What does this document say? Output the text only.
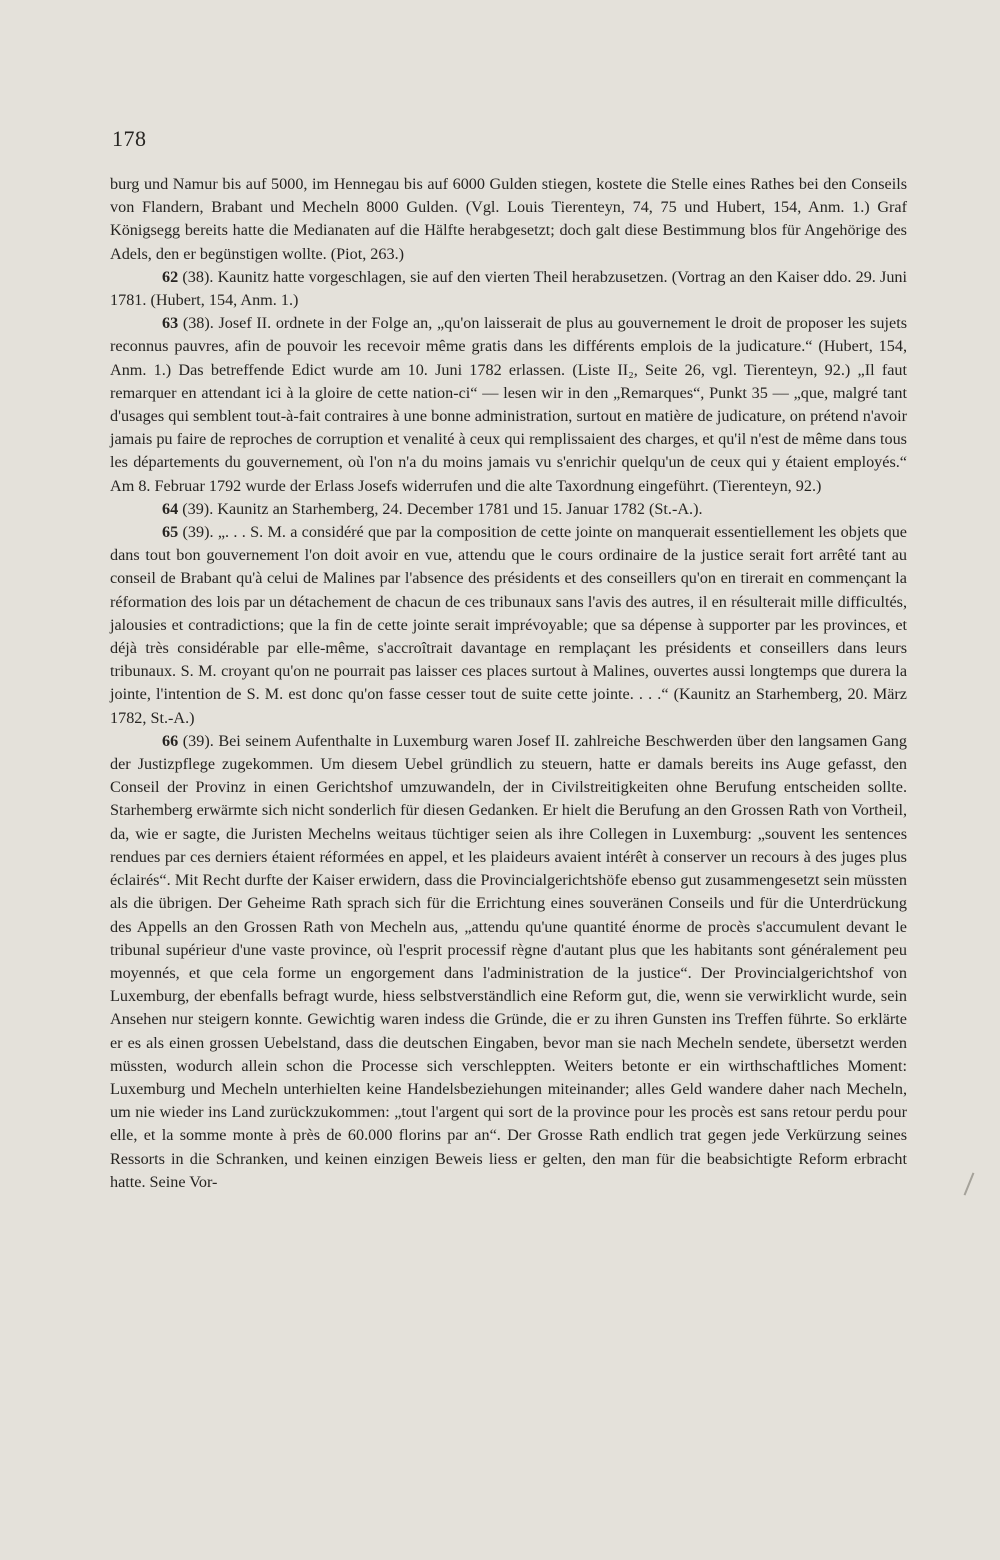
178

burg und Namur bis auf 5000, im Hennegau bis auf 6000 Gulden stiegen, kostete die Stelle eines Rathes bei den Conseils von Flandern, Brabant und Mecheln 8000 Gulden. (Vgl. Louis Tierenteyn, 74, 75 und Hubert, 154, Anm. 1.) Graf Königsegg bereits hatte die Medianaten auf die Hälfte herabgesetzt; doch galt diese Bestimmung blos für Angehörige des Adels, den er begünstigen wollte. (Piot, 263.)

62 (38). Kaunitz hatte vorgeschlagen, sie auf den vierten Theil herabzusetzen. (Vortrag an den Kaiser ddo. 29. Juni 1781. (Hubert, 154, Anm. 1.)

63 (38). Josef II. ordnete in der Folge an, „qu'on laisserait de plus au gouvernement le droit de proposer les sujets reconnus pauvres, afin de pouvoir les recevoir même gratis dans les différents emplois de la judicature.“ (Hubert, 154, Anm. 1.) Das betreffende Edict wurde am 10. Juni 1782 erlassen. (Liste II₂, Seite 26, vgl. Tierenteyn, 92.) „Il faut remarquer en attendant ici à la gloire de cette nation-ci“ — lesen wir in den „Remarques“, Punkt 35 — „que, malgré tant d'usages qui semblent tout-à-fait contraires à une bonne administration, surtout en matière de judicature, on prétend n'avoir jamais pu faire de reproches de corruption et venalité à ceux qui remplissaient des charges, et qu'il n'est de même dans tous les départements du gouvernement, où l'on n'a du moins jamais vu s'enrichir quelqu'un de ceux qui y étaient employés.“ Am 8. Februar 1792 wurde der Erlass Josefs widerrufen und die alte Taxordnung eingeführt. (Tierenteyn, 92.)

64 (39). Kaunitz an Starhemberg, 24. December 1781 und 15. Januar 1782 (St.-A.).

65 (39). „. . . S. M. a considéré que par la composition de cette jointe on manquerait essentiellement les objets que dans tout bon gouvernement l'on doit avoir en vue, attendu que le cours ordinaire de la justice serait fort arrêté tant au conseil de Brabant qu'à celui de Malines par l'absence des présidents et des conseillers qu'on en tirerait en commençant la réformation des lois par un détachement de chacun de ces tribunaux sans l'avis des autres, il en résulterait mille difficultés, jalousies et contradictions; que la fin de cette jointe serait imprévoyable; que sa dépense à supporter par les provinces, et déjà très considérable par elle-même, s'accroîtrait davantage en remplaçant les présidents et conseillers dans leurs tribunaux. S. M. croyant qu'on ne pourrait pas laisser ces places surtout à Malines, ouvertes aussi longtemps que durera la jointe, l'intention de S. M. est donc qu'on fasse cesser tout de suite cette jointe. . . .“ (Kaunitz an Starhemberg, 20. März 1782, St.-A.)

66 (39). Bei seinem Aufenthalte in Luxemburg waren Josef II. zahlreiche Beschwerden über den langsamen Gang der Justizpflege zugekommen. Um diesem Uebel gründlich zu steuern, hatte er damals bereits ins Auge gefasst, den Conseil der Provinz in einen Gerichtshof umzuwandeln, der in Civilstreitigkeiten ohne Berufung entscheiden sollte. Starhemberg erwärmte sich nicht sonderlich für diesen Gedanken. Er hielt die Berufung an den Grossen Rath von Vortheil, da, wie er sagte, die Juristen Mechelns weitaus tüchtiger seien als ihre Collegen in Luxemburg: „souvent les sentences rendues par ces derniers étaient réformées en appel, et les plaideurs avaient intérêt à conserver un recours à des juges plus éclairés“. Mit Recht durfte der Kaiser erwidern, dass die Provincialgerichtshöfe ebenso gut zusammengesetzt sein müssten als die übrigen. Der Geheime Rath sprach sich für die Errichtung eines souveränen Conseils und für die Unterdrückung des Appells an den Grossen Rath von Mecheln aus, „attendu qu'une quantité énorme de procès s'accumulent devant le tribunal supérieur d'une vaste province, où l'esprit processif règne d'autant plus que les habitants sont généralement peu moyennés, et que cela forme un engorgement dans l'administration de la justice“. Der Provincialgerichtshof von Luxemburg, der ebenfalls befragt wurde, hiess selbstverständlich eine Reform gut, die, wenn sie verwirklicht wurde, sein Ansehen nur steigern konnte. Gewichtig waren indess die Gründe, die er zu ihren Gunsten ins Treffen führte. So erklärte er es als einen grossen Uebelstand, dass die deutschen Eingaben, bevor man sie nach Mecheln sendete, übersetzt werden müssten, wodurch allein schon die Processe sich verschleppten. Weiters betonte er ein wirthschaftliches Moment: Luxemburg und Mecheln unterhielten keine Handelsbeziehungen miteinander; alles Geld wandere daher nach Mecheln, um nie wieder ins Land zurückzukommen: „tout l'argent qui sort de la province pour les procès est sans retour perdu pour elle, et la somme monte à près de 60.000 florins par an“. Der Grosse Rath endlich trat gegen jede Verkürzung seines Ressorts in die Schranken, und keinen einzigen Beweis liess er gelten, den man für die beabsichtigte Reform erbracht hatte. Seine Vor-
